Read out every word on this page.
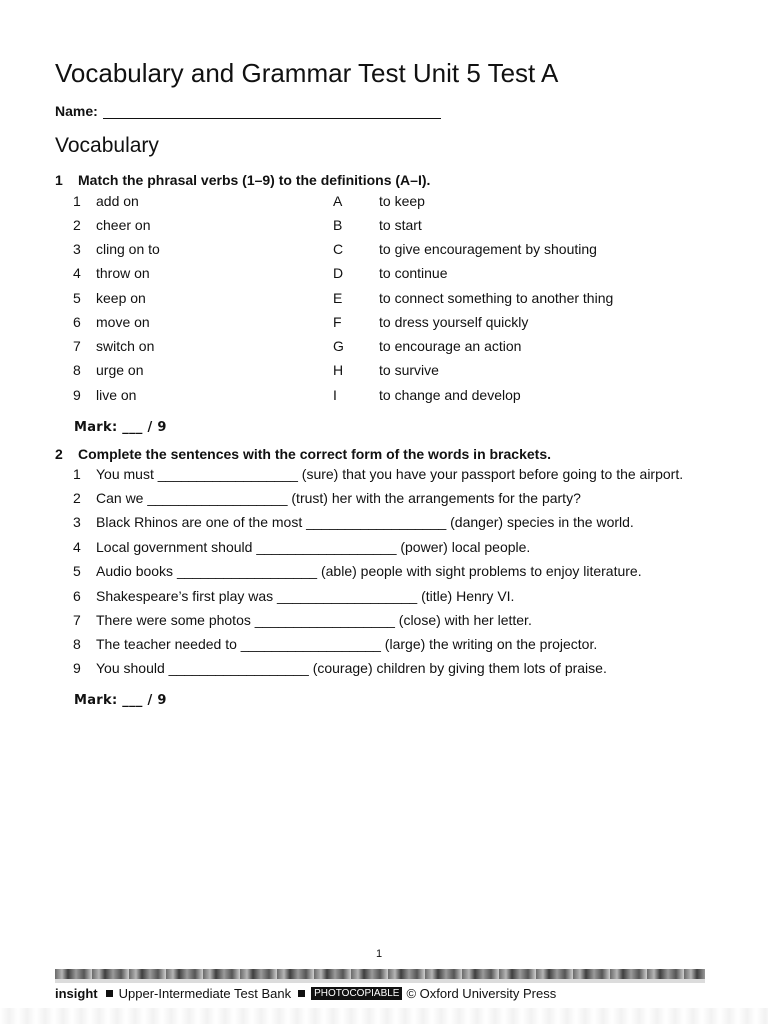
Vocabulary and Grammar Test Unit 5 Test A
Name:
Vocabulary
1 Match the phrasal verbs (1–9) to the definitions (A–I).
1 add on	A	to keep
2 cheer on	B	to start
3 cling on to	C	to give encouragement by shouting
4 throw on	D	to continue
5 keep on	E	to connect something to another thing
6 move on	F	to dress yourself quickly
7 switch on	G	to encourage an action
8 urge on	H	to survive
9 live on	I	to change and develop
Mark: ___ / 9
2 Complete the sentences with the correct form of the words in brackets.
1 You must __________________ (sure) that you have your passport before going to the airport.
2 Can we __________________ (trust) her with the arrangements for the party?
3 Black Rhinos are one of the most __________________ (danger) species in the world.
4 Local government should __________________ (power) local people.
5 Audio books __________________ (able) people with sight problems to enjoy literature.
6 Shakespeare’s first play was __________________ (title) Henry VI.
7 There were some photos __________________ (close) with her letter.
8 The teacher needed to __________________ (large) the writing on the projector.
9 You should __________________ (courage) children by giving them lots of praise.
Mark: ___ / 9
1
insight Upper-Intermediate Test Bank	PHOTOCOPIABLE © Oxford University Press
